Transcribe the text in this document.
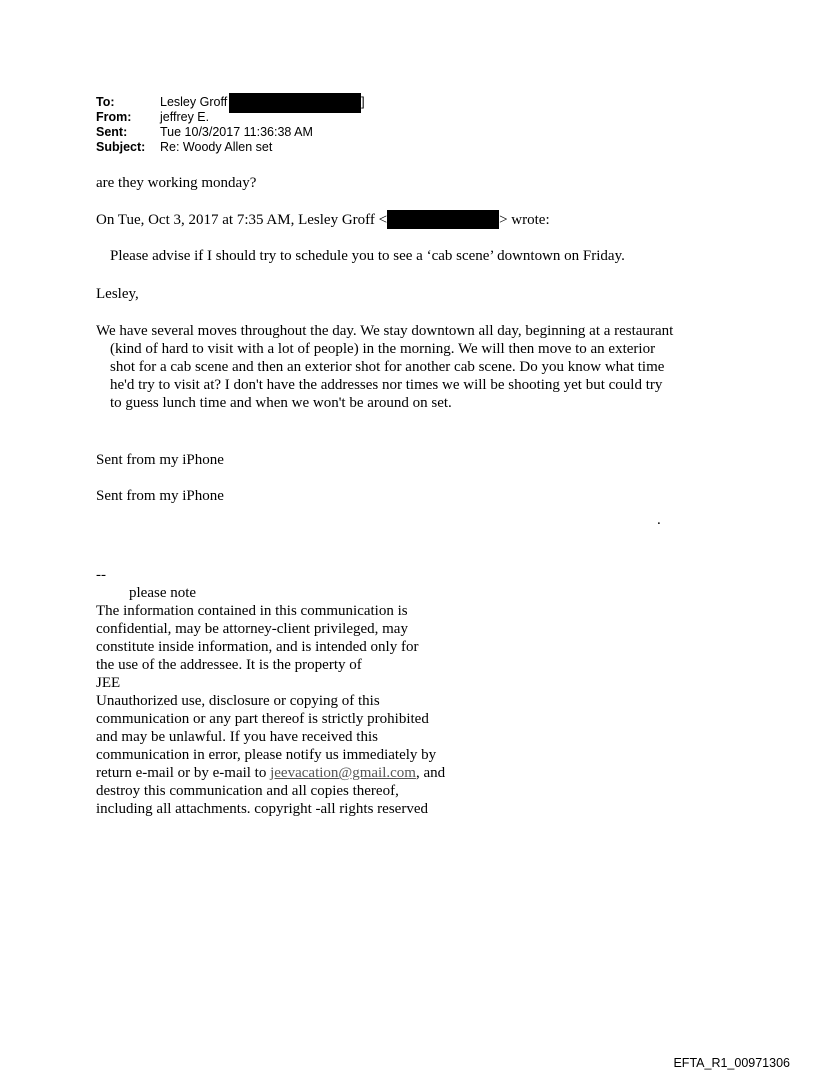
To:	Lesley Groff	]
From:	jeffrey E.
Sent:	Tue 10/3/2017 11:36:38 AM
Subject:	Re: Woody Allen set
are they working monday?
On Tue, Oct 3, 2017 at 7:35 AM, Lesley Groff <	> wrote:
Please advise if I should try to schedule you to see a ‘cab scene’ downtown on Friday.
Lesley,
We have several moves throughout the day. We stay downtown all day, beginning at a restaurant
(kind of hard to visit with a lot of people) in the morning. We will then move to an exterior
shot for a cab scene and then an exterior shot for another cab scene. Do you know what time
he'd try to visit at? I don't have the addresses nor times we will be shooting yet but could try
to guess lunch time and when we won't be around on set.
Sent from my iPhone
Sent from my iPhone
.
--
please note
The information contained in this communication is
confidential, may be attorney-client privileged, may
constitute inside information, and is intended only for
the use of the addressee. It is the property of
JEE
Unauthorized use, disclosure or copying of this
communication or any part thereof is strictly prohibited
and may be unlawful. If you have received this
communication in error, please notify us immediately by
return e-mail or by e-mail to jeevacation@gmail.com, and
destroy this communication and all copies thereof,
including all attachments. copyright -all rights reserved
EFTA_R1_00971306
